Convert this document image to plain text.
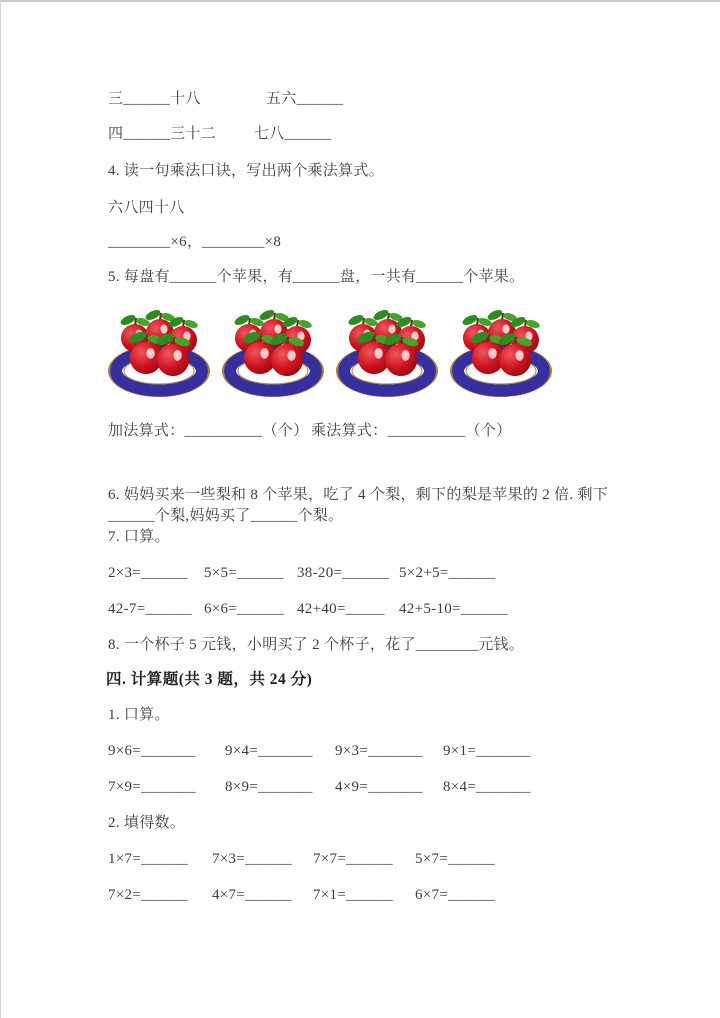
三______十八	五六______
四______三十二	七八______
4. 读一句乘法口诀，写出两个乘法算式。
六八四十八
________×6，________×8
5. 每盘有______个苹果，有______盘，一共有______个苹果。
加法算式：__________（个） 乘法算式：__________（个）
6. 妈妈买来一些梨和 8 个苹果，吃了 4 个梨，剩下的梨是苹果的 2 倍. 剩下
______个梨,妈妈买了______个梨。
7. 口算。
2×3=______ 5×5=______ 38-20=______ 5×2+5=______
42-7=______ 6×6=______ 42+40=_____ 42+5-10=______
8. 一个杯子 5 元钱，小明买了 2 个杯子，花了________元钱。
四. 计算题(共 3 题，共 24 分)
1. 口算。
9×6=_______ 9×4=_______ 9×3=_______ 9×1=_______
7×9=_______ 8×9=_______ 4×9=_______ 8×4=_______
2. 填得数。
1×7=______ 7×3=______ 7×7=______ 5×7=______
7×2=______ 4×7=______ 7×1=______ 6×7=______
